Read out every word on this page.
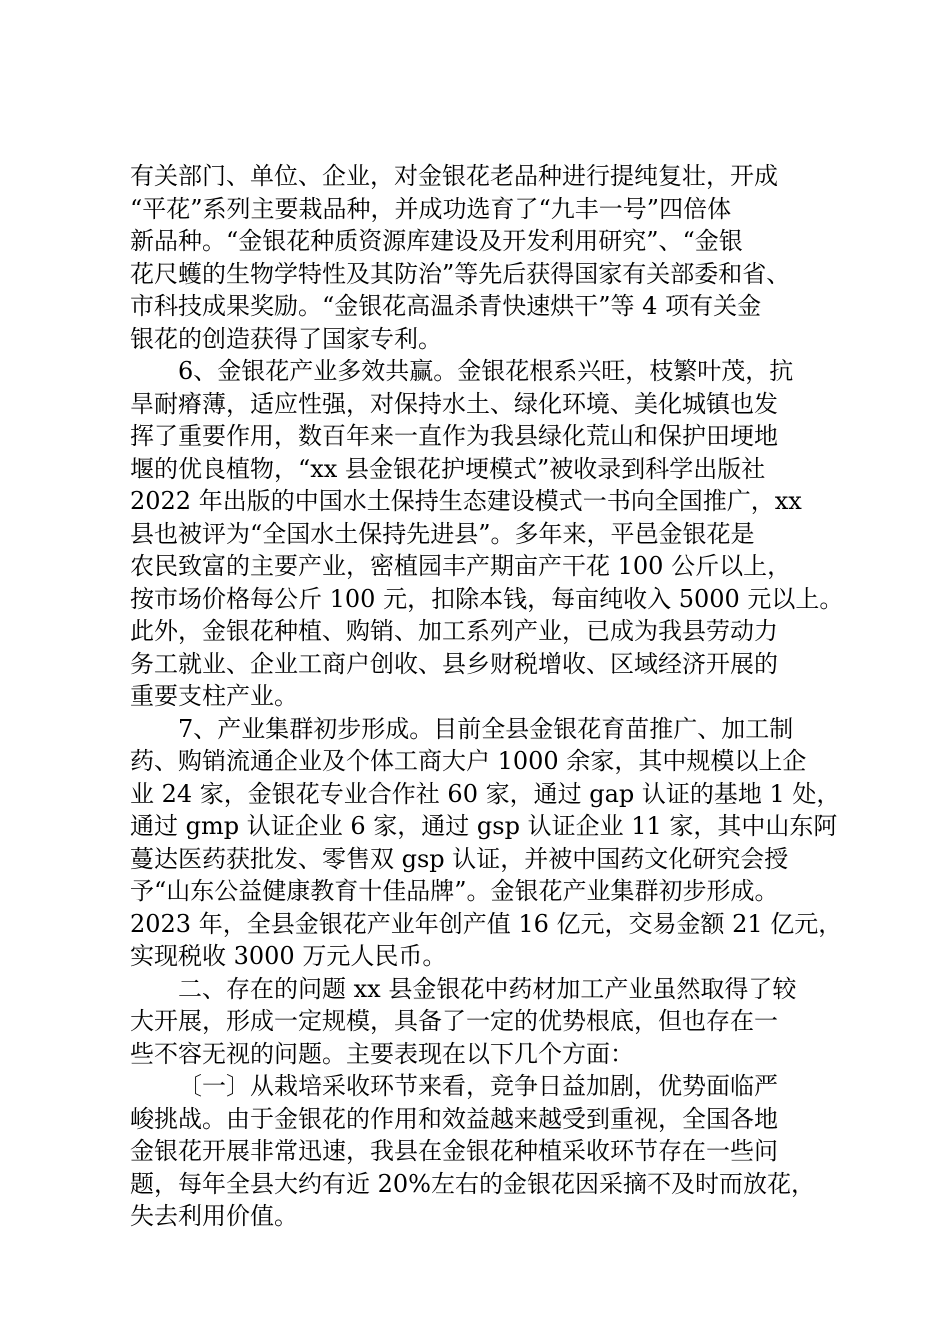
有关部门、单位、企业，对金银花老品种进行提纯复壮，开成
“平花”系列主要栽品种，并成功选育了“九丰一号”四倍体
新品种。“金银花种质资源库建设及开发利用研究”、“金银
花尺蠖的生物学特性及其防治”等先后获得国家有关部委和省、
市科技成果奖励。“金银花高温杀青快速烘干”等 4 项有关金
银花的创造获得了国家专利。
6、金银花产业多效共赢。金银花根系兴旺，枝繁叶茂，抗
旱耐瘠薄，适应性强，对保持水土、绿化环境、美化城镇也发
挥了重要作用，数百年来一直作为我县绿化荒山和保护田埂地
堰的优良植物，“xx 县金银花护埂模式”被收录到科学出版社
2022 年出版的中国水土保持生态建设模式一书向全国推广，xx
县也被评为“全国水土保持先进县”。多年来，平邑金银花是
农民致富的主要产业，密植园丰产期亩产干花 100 公斤以上，
按市场价格每公斤 100 元，扣除本钱，每亩纯收入 5000 元以上。
此外，金银花种植、购销、加工系列产业，已成为我县劳动力
务工就业、企业工商户创收、县乡财税增收、区域经济开展的
重要支柱产业。
7、产业集群初步形成。目前全县金银花育苗推广、加工制
药、购销流通企业及个体工商大户 1000 余家，其中规模以上企
业 24 家，金银花专业合作社 60 家，通过 gap 认证的基地 1 处，
通过 gmp 认证企业 6 家，通过 gsp 认证企业 11 家，其中山东阿
蔓达医药获批发、零售双 gsp 认证，并被中国药文化研究会授
予“山东公益健康教育十佳品牌”。金银花产业集群初步形成。
2023 年，全县金银花产业年创产值 16 亿元，交易金额 21 亿元，
实现税收 3000 万元人民币。
二、存在的问题 xx 县金银花中药材加工产业虽然取得了较
大开展，形成一定规模，具备了一定的优势根底，但也存在一
些不容无视的问题。主要表现在以下几个方面：
〔一〕从栽培采收环节来看，竞争日益加剧，优势面临严
峻挑战。由于金银花的作用和效益越来越受到重视，全国各地
金银花开展非常迅速，我县在金银花种植采收环节存在一些问
题，每年全县大约有近 20%左右的金银花因采摘不及时而放花，
失去利用价值。
